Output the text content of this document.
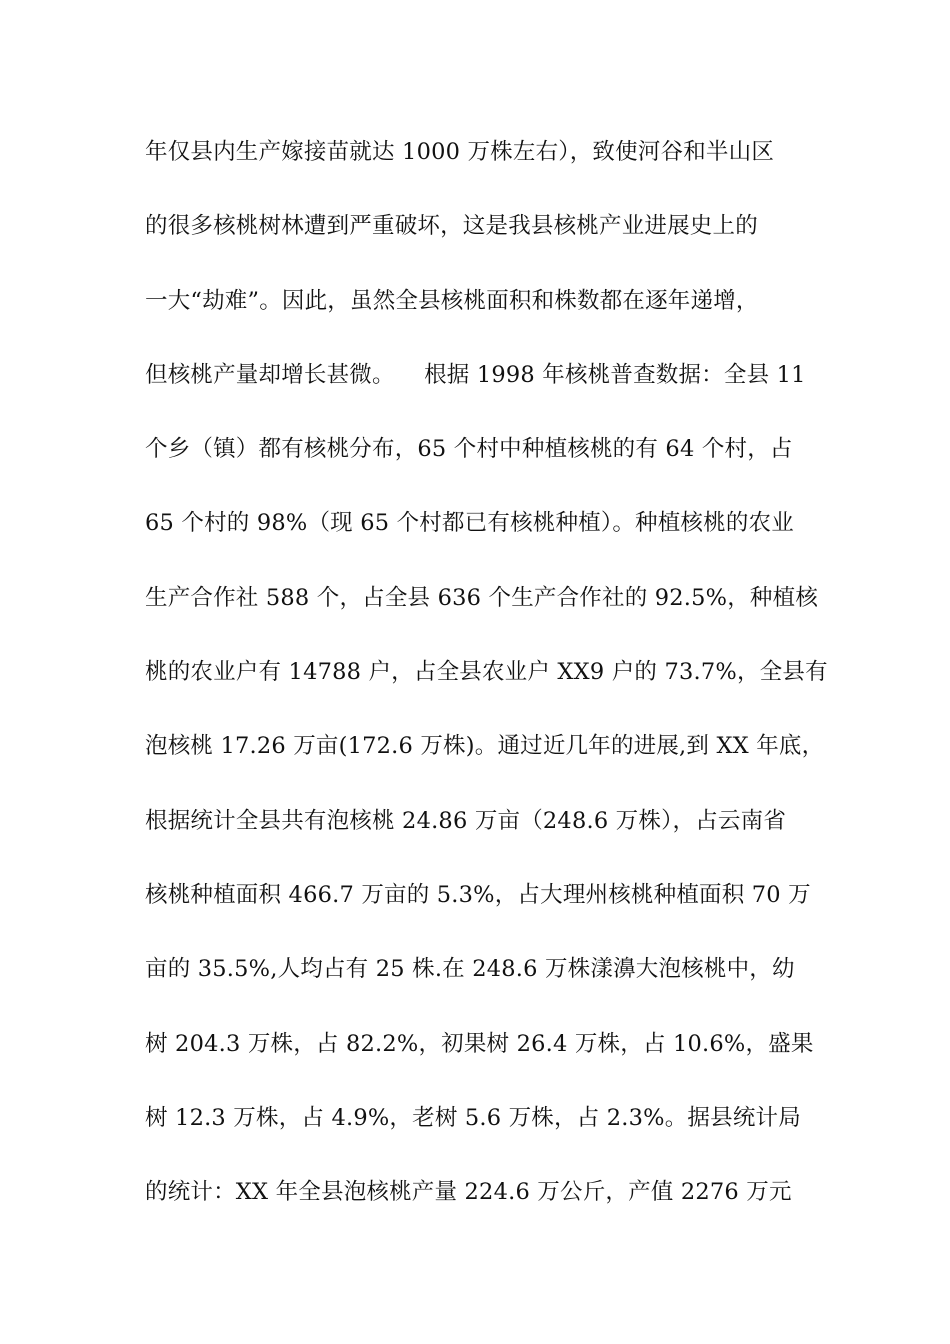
年仅县内生产嫁接苗就达 1000 万株左右），致使河谷和半山区
的很多核桃树林遭到严重破坏，这是我县核桃产业进展史上的
一大“劫难”。因此，虽然全县核桃面积和株数都在逐年递增，
但核桃产量却增长甚微。    根据 1998 年核桃普查数据：全县 11
个乡（镇）都有核桃分布，65 个村中种植核桃的有 64 个村，占
65 个村的 98%（现 65 个村都已有核桃种植）。种植核桃的农业
生产合作社 588 个，占全县 636 个生产合作社的 92.5%，种植核
桃的农业户有 14788 户，占全县农业户 XX9 户的 73.7%，全县有
泡核桃 17.26 万亩(172.6 万株)。通过近几年的进展,到 XX 年底，
根据统计全县共有泡核桃 24.86 万亩（248.6 万株），占云南省
核桃种植面积 466.7 万亩的 5.3%，占大理州核桃种植面积 70 万
亩的 35.5%,人均占有 25 株.在 248.6 万株漾濞大泡核桃中，幼
树 204.3 万株，占 82.2%，初果树 26.4 万株，占 10.6%，盛果
树 12.3 万株，占 4.9%，老树 5.6 万株，占 2.3%。据县统计局
的统计：XX 年全县泡核桃产量 224.6 万公斤，产值 2276 万元
